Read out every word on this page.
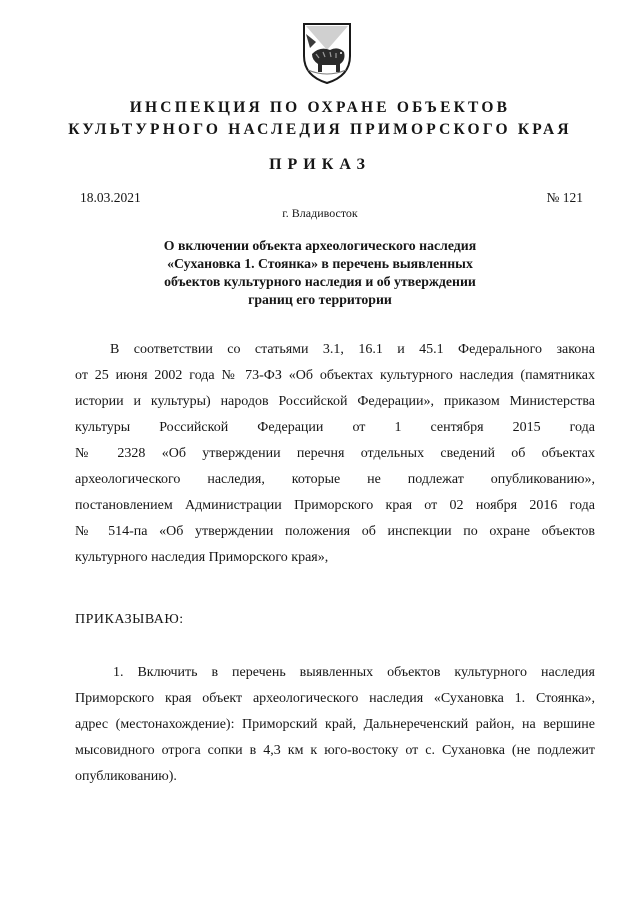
ИНСПЕКЦИЯ ПО ОХРАНЕ ОБЪЕКТОВ
КУЛЬТУРНОГО НАСЛЕДИЯ ПРИМОРСКОГО КРАЯ
ПРИКАЗ
18.03.2021	№ 121
г. Владивосток
О включении объекта археологического наследия
«Сухановка 1. Стоянка» в перечень выявленных
объектов культурного наследия и об утверждении
границ его территории
В соответствии со статьями 3.1, 16.1 и 45.1 Федерального закона
от 25 июня 2002 года № 73-ФЗ «Об объектах культурного наследия (памятниках
истории и культуры) народов Российской Федерации», приказом Министерства
культуры Российской Федерации от 1 сентября 2015 года
№ 2328 «Об утверждении перечня отдельных сведений об объектах
археологического наследия, которые не подлежат опубликованию»,
постановлением Администрации Приморского края от 02 ноября 2016 года
№ 514-па «Об утверждении положения об инспекции по охране объектов
культурного наследия Приморского края»,
ПРИКАЗЫВАЮ:
1. Включить в перечень выявленных объектов культурного наследия
Приморского края объект археологического наследия «Сухановка 1. Стоянка»,
адрес (местонахождение): Приморский край, Дальнереченский район, на вершине
мысовидного отрога сопки в 4,3 км к юго-востоку от с. Сухановка (не подлежит
опубликованию).
